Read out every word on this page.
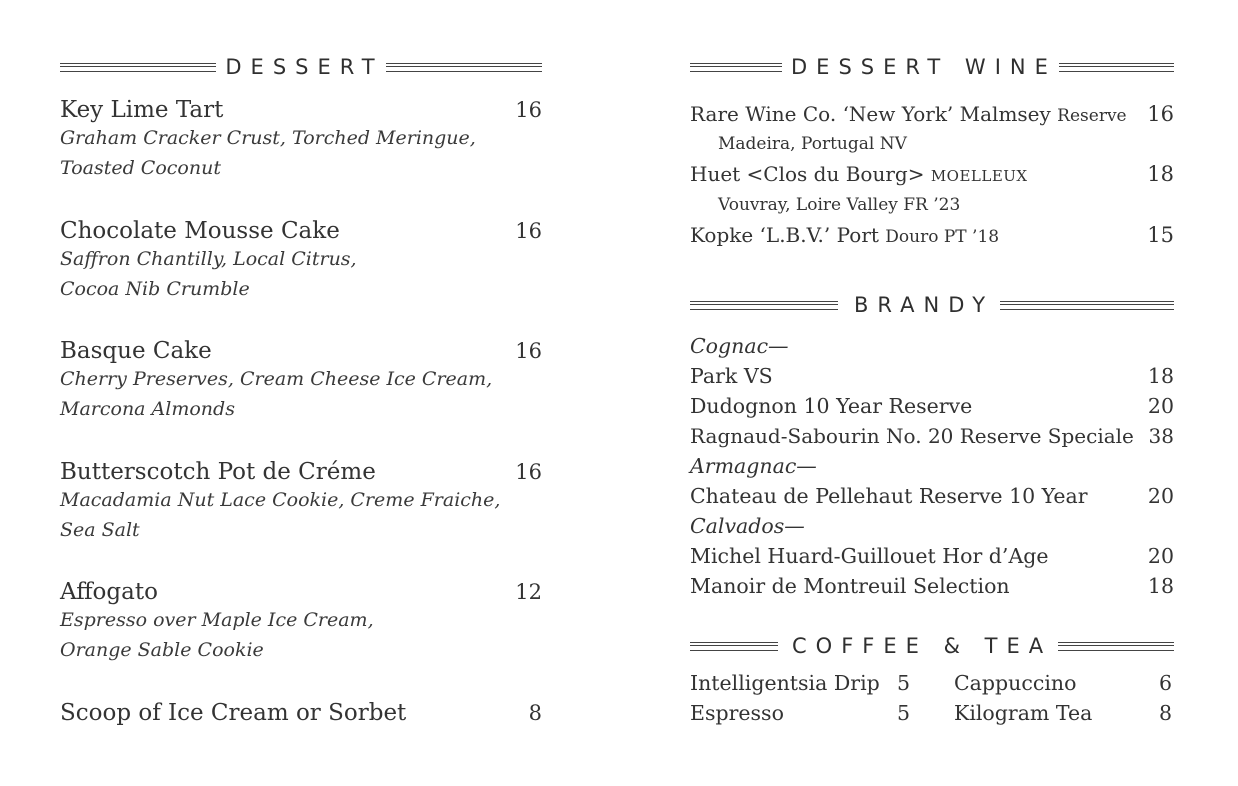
DESSERT
Key Lime Tart	16
Graham Cracker Crust, Torched Meringue,
Toasted Coconut
Chocolate Mousse Cake	16
Saffron Chantilly, Local Citrus,
Cocoa Nib Crumble
Basque Cake	16
Cherry Preserves, Cream Cheese Ice Cream,
Marcona Almonds
Butterscotch Pot de Créme	16
Macadamia Nut Lace Cookie, Creme Fraiche,
Sea Salt
Affogato	12
Espresso over Maple Ice Cream,
Orange Sable Cookie
Scoop of Ice Cream or Sorbet	8
DESSERT WINE
Rare Wine Co. ‘New York’ Malmsey Reserve 16
Madeira, Portugal NV
Huet <Clos du Bourg> MOELLEUX	18
Vouvray, Loire Valley FR ’23
Kopke ‘L.B.V.’ Port Douro PT ’18	15
BRANDY
Cognac—
Park VS	18
Dudognon 10 Year Reserve	20
Ragnaud-Sabourin No. 20 Reserve Speciale 38
Armagnac—
Chateau de Pellehaut Reserve 10 Year	20
Calvados—
Michel Huard-Guillouet Hor d’Age	20
Manoir de Montreuil Selection	18
COFFEE & TEA
Intelligentsia Drip 5 Cappuccino	6
Espresso	5 Kilogram Tea	8
